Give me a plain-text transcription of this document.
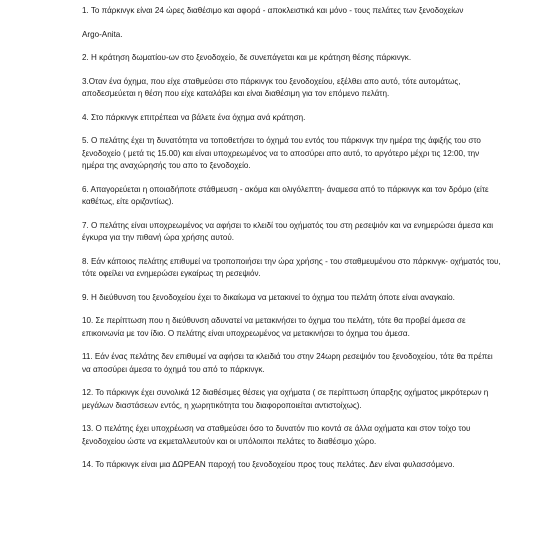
1. Το πάρκινγκ είναι 24 ώρες διαθέσιμο και αφορά - αποκλειστικά και μόνο - τους πελάτες των ξενοδοχείων

Argo-Anita.

2. Η κράτηση δωματίου-ων στο ξενοδοχείο, δε συνεπάγεται και με κράτηση θέσης πάρκινγκ.

3.Οταν ένα όχημα, που είχε σταθμεύσει στο πάρκινγκ του ξενοδοχείου, εξέλθει απο αυτό, τότε αυτομάτως, αποδεσμεύεται η θέση που είχε καταλάβει και είναι διαθέσιμη για τον επόμενο πελάτη.

4. Στο πάρκινγκ επιτρέπεαι να βάλετε ένα όχημα ανά κράτηση.

5. Ο πελάτης έχει τη δυνατότητα να τοποθετήσει το όχημά του εντός του πάρκινγκ την ημέρα της άφιξής του στο ξενοδοχείο ( μετά τις 15.00) και είναι υποχρεωμένος να το αποσύρει απο αυτό, το αργότερο μέχρι τις 12:00, την ημέρα της αναχώρησής του απο το ξενοδοχείο.

6. Απαγορεύεται η οποιαδήποτε στάθμευση - ακόμα και ολιγόλεπτη- άναμεσα από το πάρκινγκ και τον δρόμο (είτε καθέτως, είτε οριζοντίως).

7. Ο πελάτης είναι υποχρεωμένος να αφήσει το κλειδί του οχήματός του στη ρεσεψιόν και να ενημερώσει άμεσα και έγκυρα για την πιθανή ώρα χρήσης αυτού.

8. Εάν κάποιος πελάτης επιθυμεί να τροποποιήσει την ώρα χρήσης - του σταθμευμένου στο πάρκινγκ- οχήματός του, τότε οφείλει να ενημερώσει εγκαίρως τη ρεσεψιόν.

9. Η διεύθυνση του ξενοδοχείου έχει το δικαίωμα να μετακινεί το όχημα του πελάτη όποτε είναι αναγκαίο.

10. Σε περίπτωση που η διεύθυνση αδυνατεί να μετακινήσει το όχημα του πελάτη, τότε θα προβεί άμεσα σε επικοινωνία με τον ίδιο. Ο πελάτης είναι υποχρεωμένος να μετακινήσει το όχημα του άμεσα.

11. Εάν ένας πελάτης δεν επιθυμεί να αφήσει τα κλειδιά του στην 24ωρη ρεσεψιόν του ξενοδοχείου, τότε θα πρέπει να αποσύρει άμεσα το όχημά του από το πάρκινγκ.

12. Το πάρκινγκ έχει συνολικά 12 διαθέσιμες θέσεις για οχήματα ( σε περίπτωση ύπαρξης οχήματος μικρότερων η μεγάλων διαστάσεων εντός, η χωρητικότητα του διαφοροποιείται αντιστοίχως).

13. Ο πελάτης έχει υποχρέωση να σταθμεύσει όσο το δυνατόν πιο κοντά σε άλλα οχήματα και στον τοίχο του ξενοδοχείου ώστε να εκμεταλλευτούν και οι υπόλοιποι πελάτες το διαθέσιμο χώρο.

14. Το πάρκινγκ είναι μια ΔΩΡΕΑΝ παροχή του ξενοδοχείου προς τους πελάτες. Δεν είναι φυλασσόμενο.
